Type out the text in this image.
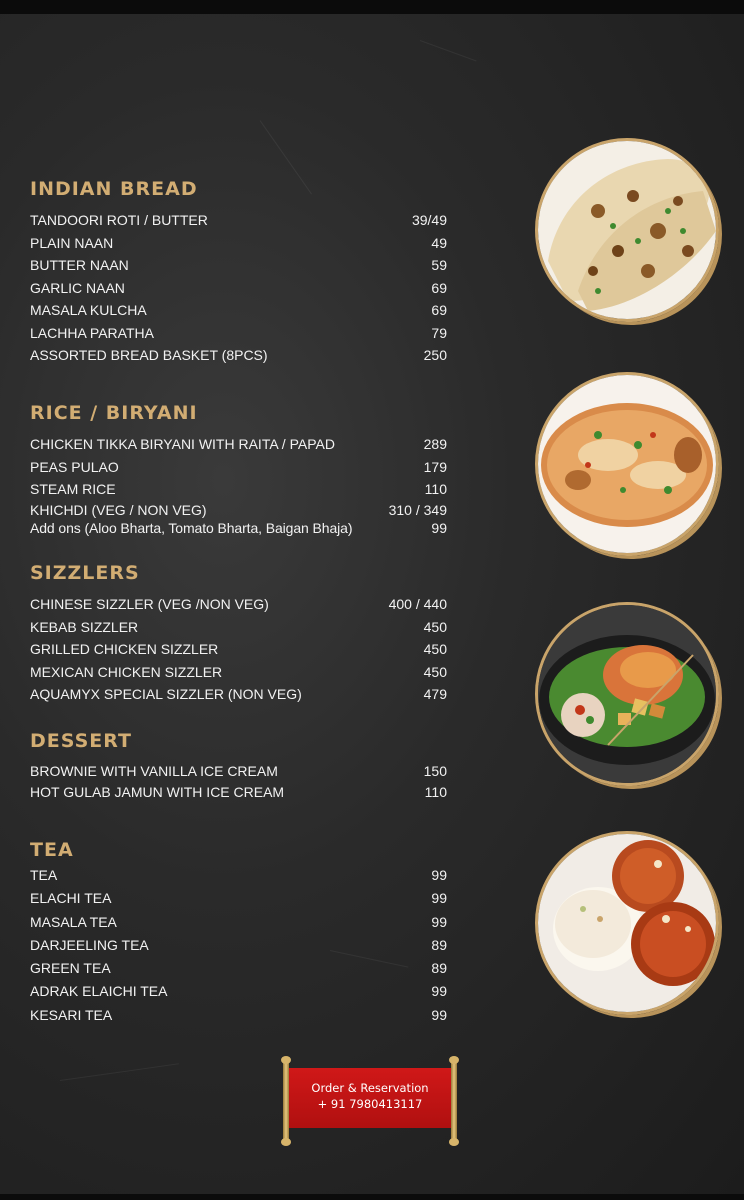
INDIAN BREAD
TANDOORI ROTI / BUTTER	39/49
PLAIN NAAN	49
BUTTER NAAN	59
GARLIC NAAN	69
MASALA KULCHA	69
LACHHA PARATHA	79
ASSORTED BREAD BASKET (8PCS)	250
RICE / BIRYANI
CHICKEN TIKKA BIRYANI WITH RAITA / PAPAD	289
PEAS PULAO	179
STEAM RICE	110
KHICHDI (VEG / NON VEG)	310 / 349
Add ons (Aloo Bharta, Tomato Bharta, Baigan Bhaja)	99
SIZZLERS
CHINESE SIZZLER (VEG /NON VEG)	400 / 440
KEBAB SIZZLER	450
GRILLED CHICKEN SIZZLER	450
MEXICAN CHICKEN SIZZLER	450
AQUAMYX SPECIAL SIZZLER (NON VEG)	479
DESSERT
BROWNIE WITH VANILLA ICE CREAM	150
HOT GULAB JAMUN WITH ICE CREAM	110
TEA
TEA	99
ELACHI TEA	99
MASALA TEA	99
DARJEELING TEA	89
GREEN TEA	89
ADRAK ELAICHI TEA	99
KESARI TEA	99
Order & Reservation
+ 91 7980413117
